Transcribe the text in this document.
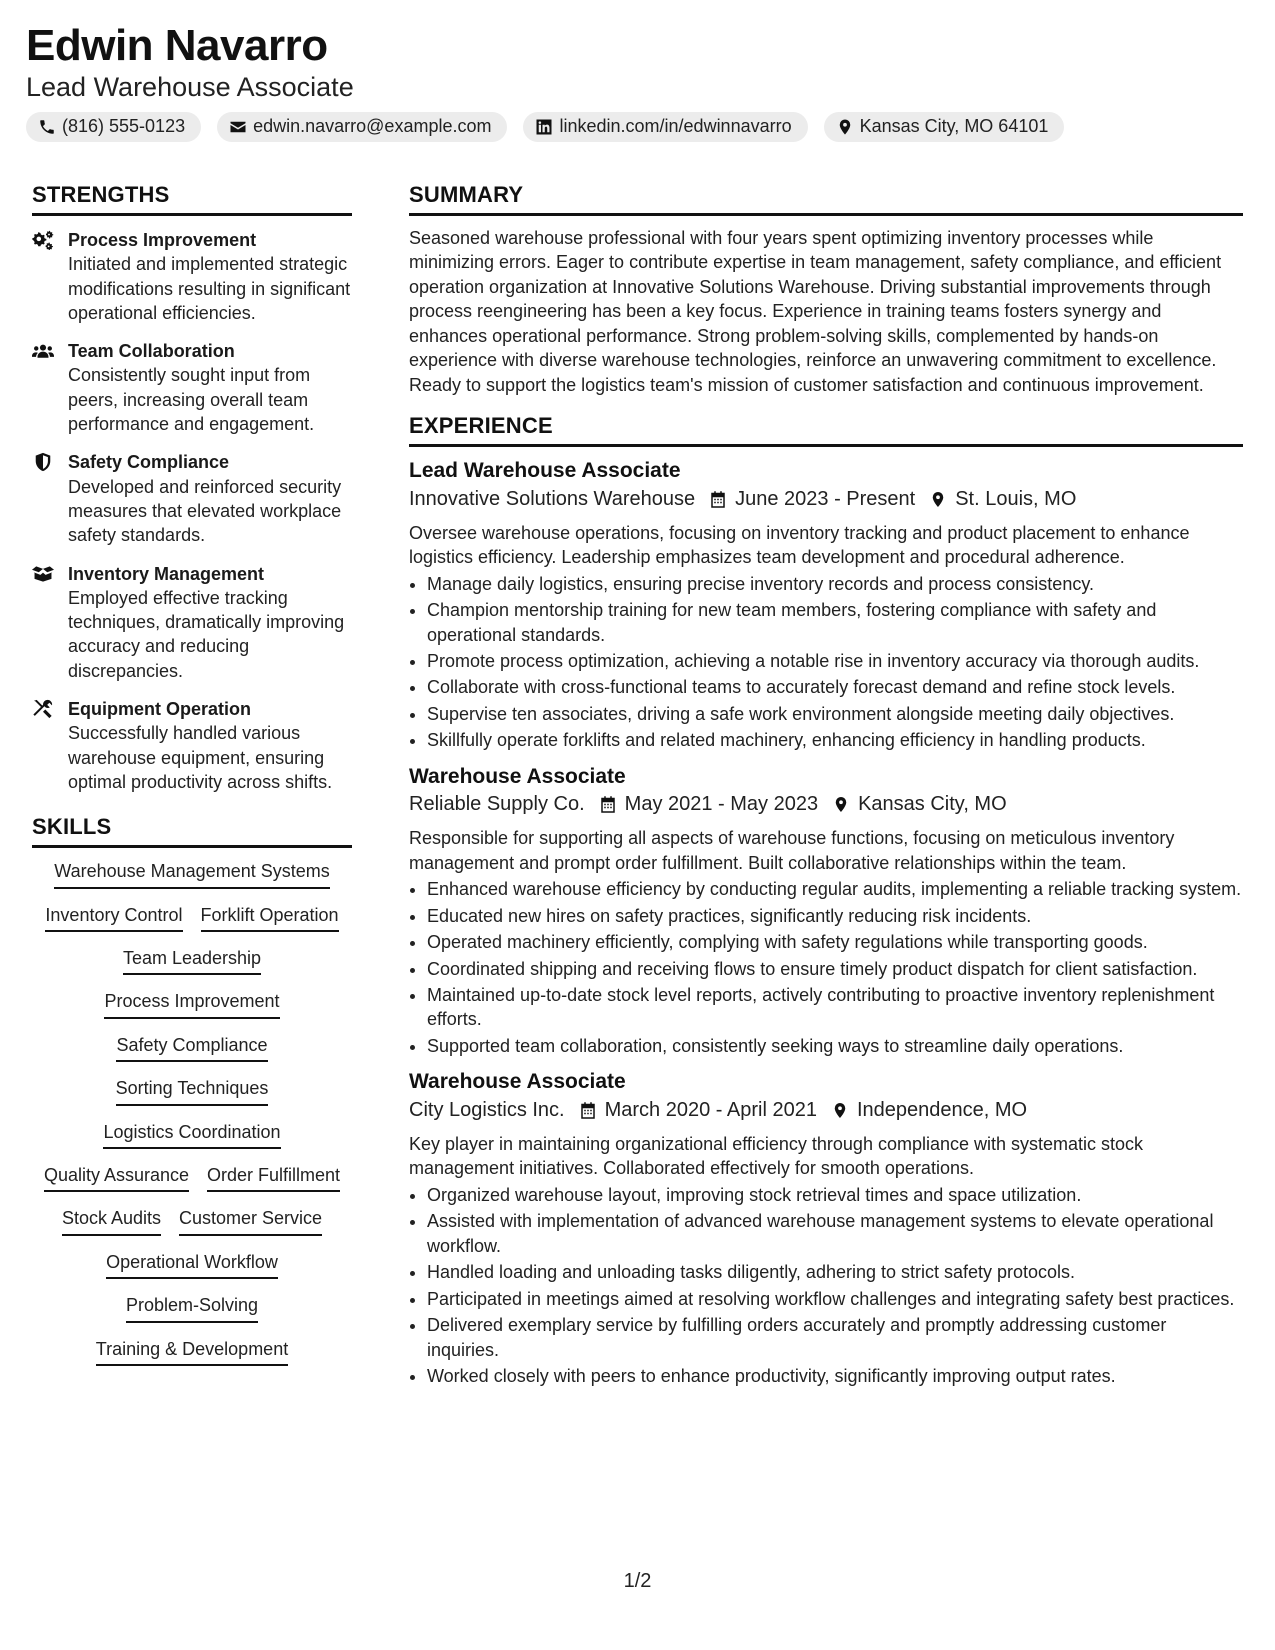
Edwin Navarro
Lead Warehouse Associate
(816) 555-0123	edwin.navarro@example.com	linkedin.com/in/edwinnavarro	Kansas City, MO 64101
STRENGTHS
Process Improvement
Initiated and implemented strategic modifications resulting in significant operational efficiencies.
Team Collaboration
Consistently sought input from peers, increasing overall team performance and engagement.
Safety Compliance
Developed and reinforced security measures that elevated workplace safety standards.
Inventory Management
Employed effective tracking techniques, dramatically improving accuracy and reducing discrepancies.
Equipment Operation
Successfully handled various warehouse equipment, ensuring optimal productivity across shifts.
SKILLS
Warehouse Management Systems
Inventory Control Forklift Operation
Team Leadership
Process Improvement
Safety Compliance
Sorting Techniques
Logistics Coordination
Quality Assurance Order Fulfillment
Stock Audits Customer Service
Operational Workflow
Problem-Solving
Training & Development
SUMMARY
Seasoned warehouse professional with four years spent optimizing inventory processes while minimizing errors. Eager to contribute expertise in team management, safety compliance, and efficient operation organization at Innovative Solutions Warehouse. Driving substantial improvements through process reengineering has been a key focus. Experience in training teams fosters synergy and enhances operational performance. Strong problem-solving skills, complemented by hands-on experience with diverse warehouse technologies, reinforce an unwavering commitment to excellence. Ready to support the logistics team's mission of customer satisfaction and continuous improvement.
EXPERIENCE
Lead Warehouse Associate
Innovative Solutions Warehouse June 2023 - Present St. Louis, MO
Oversee warehouse operations, focusing on inventory tracking and product placement to enhance logistics efficiency. Leadership emphasizes team development and procedural adherence.
• Manage daily logistics, ensuring precise inventory records and process consistency.
• Champion mentorship training for new team members, fostering compliance with safety and operational standards.
• Promote process optimization, achieving a notable rise in inventory accuracy via thorough audits.
• Collaborate with cross-functional teams to accurately forecast demand and refine stock levels.
• Supervise ten associates, driving a safe work environment alongside meeting daily objectives.
• Skillfully operate forklifts and related machinery, enhancing efficiency in handling products.
Warehouse Associate
Reliable Supply Co. May 2021 - May 2023 Kansas City, MO
Responsible for supporting all aspects of warehouse functions, focusing on meticulous inventory management and prompt order fulfillment. Built collaborative relationships within the team.
• Enhanced warehouse efficiency by conducting regular audits, implementing a reliable tracking system.
• Educated new hires on safety practices, significantly reducing risk incidents.
• Operated machinery efficiently, complying with safety regulations while transporting goods.
• Coordinated shipping and receiving flows to ensure timely product dispatch for client satisfaction.
• Maintained up-to-date stock level reports, actively contributing to proactive inventory replenishment efforts.
• Supported team collaboration, consistently seeking ways to streamline daily operations.
Warehouse Associate
City Logistics Inc. March 2020 - April 2021 Independence, MO
Key player in maintaining organizational efficiency through compliance with systematic stock management initiatives. Collaborated effectively for smooth operations.
• Organized warehouse layout, improving stock retrieval times and space utilization.
• Assisted with implementation of advanced warehouse management systems to elevate operational workflow.
• Handled loading and unloading tasks diligently, adhering to strict safety protocols.
• Participated in meetings aimed at resolving workflow challenges and integrating safety best practices.
• Delivered exemplary service by fulfilling orders accurately and promptly addressing customer inquiries.
• Worked closely with peers to enhance productivity, significantly improving output rates.
1/2
